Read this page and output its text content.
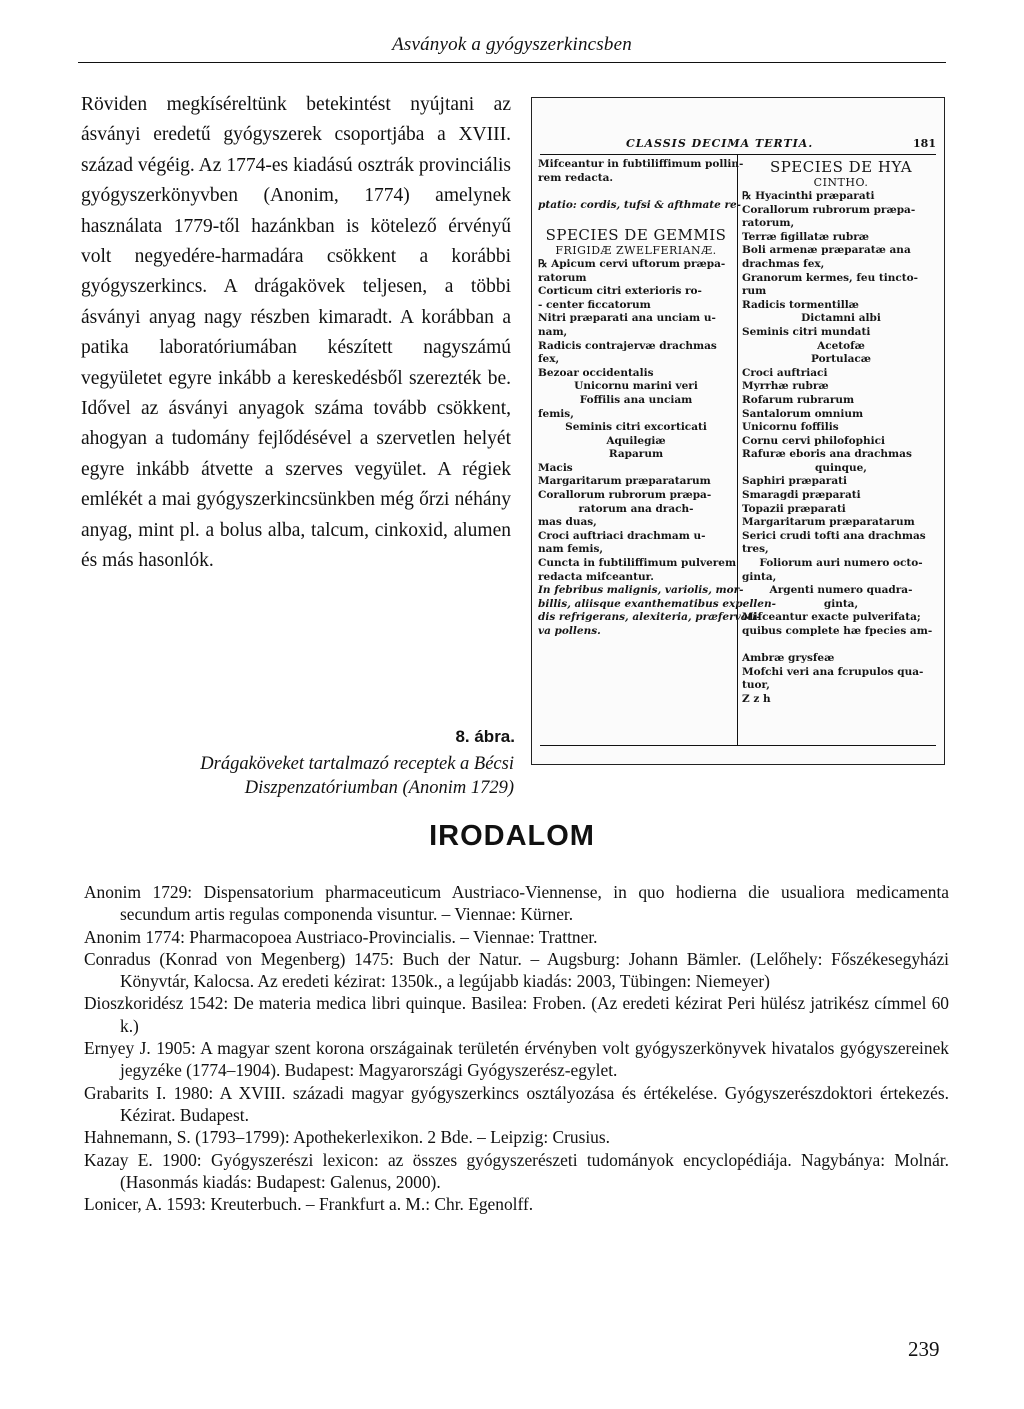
Asványok a gyógyszerkincsben
Röviden megkíséreltünk betekintést nyújtani az ásványi eredetű gyógyszerek csoportjába a XVIII. század végéig. Az 1774-es kiadású osztrák provinciális gyógyszerkönyvben (Anonim, 1774) amelynek használata 1779-től hazánkban is kötelező érvényű volt negyedére-harmadára csökkent a korábbi gyógyszerkincs. A drágakövek teljesen, a többi ásványi anyag nagy részben kimaradt. A korábban a patika laboratóriumában készített nagyszámú vegyületet egyre inkább a kereskedésből szerezték be. Idővel az ásványi anyagok száma tovább csökkent, ahogyan a tudomány fejlődésével a szervetlen helyét egyre inkább átvette a szerves vegyület. A régiek emlékét a mai gyógyszerkincsünkben még őrzi néhány anyag, mint pl. a bolus alba, talcum, cinkoxid, alumen és más hasonlók.
8. ábra.
Drágaköveket tartalmazó receptek a Bécsi
Diszpenzatóriumban (Anonim 1729)
CLASSIS DECIMA TERTIA.	181
Mifceantur in fubtiliffimum pollin-
rem redacta.

ptatio: cordis, tufsi & afthmate re-

SPECIES DE GEMMIS
FRIGIDÆ ZWELFERIANÆ.
℞ Apicum cervi uftorum præpa-
ratorum
Corticum citri exterioris ro-
- center ficcatorum
Nitri præparati ana unciam u-
nam,
Radicis contrajervæ drachmas
fex,
Bezoar occidentalis
Unicornu marini veri
Foffilis ana unciam
femis,
Seminis citri excorticati
Aquilegiæ
Raparum
Macis
Margaritarum præparatarum
Corallorum rubrorum præpa-
ratorum ana drach-
mas duas,
Croci auftriaci drachmam u-
nam femis,
Cuncta in fubtiliffimum pulverem
redacta mifceantur.
In febribus malignis, variolis, mor-
billis, aliisque exanthematibus expellen-
dis refrigerans, alexiteria, præfervati-
va pollens.
SPECIES DE HYA
CINTHO.
℞ Hyacinthi præparati
Corallorum rubrorum præpa-
ratorum,
Terræ figillatæ rubræ
Boli armenæ præparatæ ana
drachmas fex,
Granorum kermes, feu tincto-
rum
Radicis tormentillæ
Dictamni albi
Seminis citri mundati
Acetofæ
Portulacæ
Croci auftriaci
Myrrhæ rubræ
Rofarum rubrarum
Santalorum omnium
Unicornu foffilis
Cornu cervi philofophici
Rafuræ eboris ana drachmas
quinque,
Saphiri præparati
Smaragdi præparati
Topazii præparati
Margaritarum præparatarum
Serici crudi tofti ana drachmas
tres,
Foliorum auri numero octo-
ginta,
Argenti numero quadra-
ginta,
Mifceantur exacte pulverifata;
quibus complete hæ fpecies am-

Ambræ grysfeæ
Mofchi veri ana fcrupulos qua-
tuor,
Z z h
IRODALOM
Anonim 1729: Dispensatorium pharmaceuticum Austriaco-Viennense, in quo hodierna die usualiora medicamenta secundum artis regulas componenda visuntur. – Viennae: Kürner.
Anonim 1774: Pharmacopoea Austriaco-Provincialis. – Viennae: Trattner.
Conradus (Konrad von Megenberg) 1475: Buch der Natur. – Augsburg: Johann Bämler. (Lelőhely: Főszékesegyházi Könyvtár, Kalocsa. Az eredeti kézirat: 1350k., a legújabb kiadás: 2003, Tübingen: Niemeyer)
Dioszkoridész 1542: De materia medica libri quinque. Basilea: Froben. (Az eredeti kézirat Peri hülész jatrikész címmel 60 k.)
Ernyey J. 1905: A magyar szent korona országainak területén érvényben volt gyógyszerkönyvek hivatalos gyógyszereinek jegyzéke (1774–1904). Budapest: Magyarországi Gyógyszerész-egylet.
Grabarits I. 1980: A XVIII. századi magyar gyógyszerkincs osztályozása és értékelése. Gyógyszerészdoktori értekezés. Kézirat. Budapest.
Hahnemann, S. (1793–1799): Apothekerlexikon. 2 Bde. – Leipzig: Crusius.
Kazay E. 1900: Gyógyszerészi lexicon: az összes gyógyszerészeti tudományok encyclopédiája. Nagybánya: Molnár. (Hasonmás kiadás: Budapest: Galenus, 2000).
Lonicer, A. 1593: Kreuterbuch. – Frankfurt a. M.: Chr. Egenolff.
239
